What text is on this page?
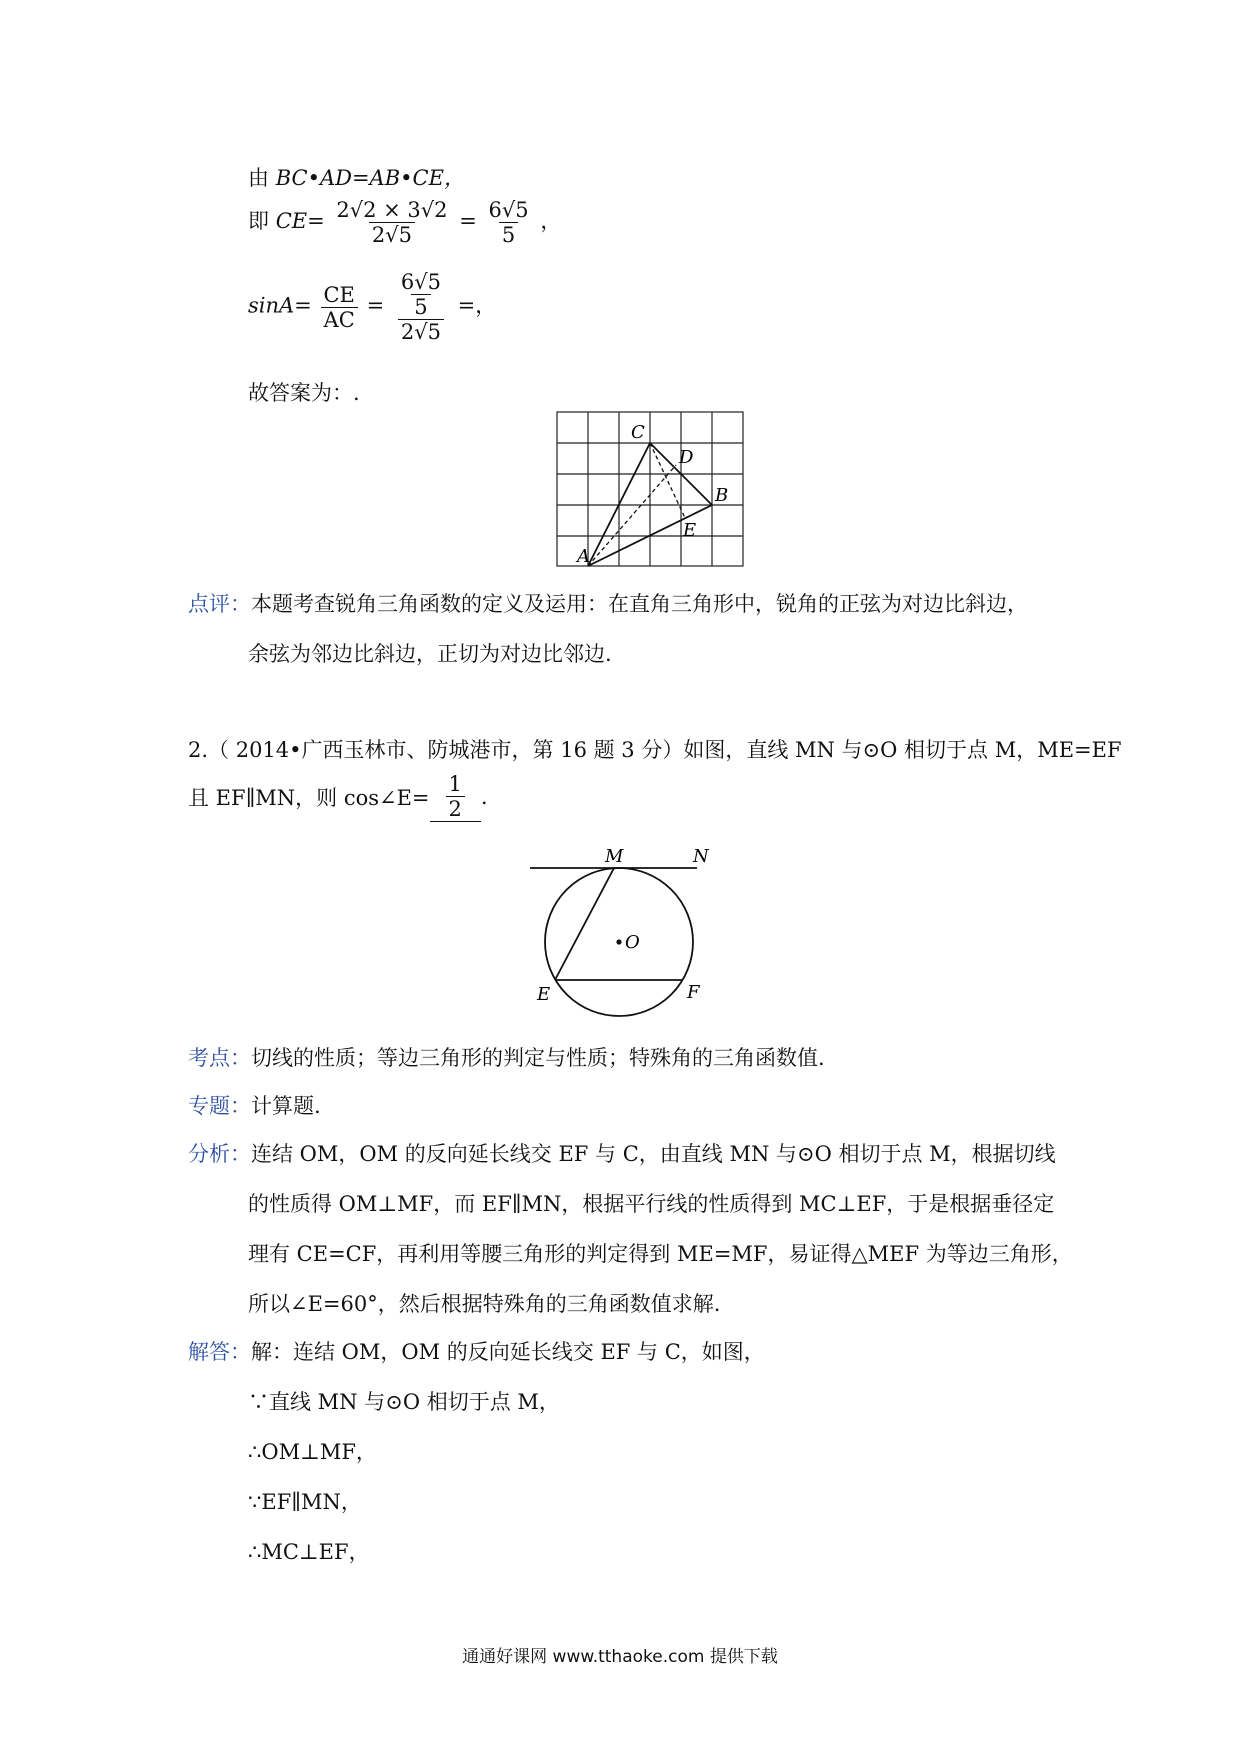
由 BC•AD=AB•CE，
即 $CE= \frac{2√2 \times 3√2}{2√5} = \frac{6√5}{5}$ ，
$\sin A= \frac{CE}{AC} = \frac{\frac{6√5}{5}}{2√5}$ =，
故答案为：.
A
B
C
D
E
点评：本题考查锐角三角函数的定义及运用：在直角三角形中，锐角的正弦为对边比斜边，
余弦为邻边比斜边，正切为对边比邻边.
2.（ 2014•广西玉林市、防城港市，第 16 题 3 分）如图，直线 MN 与⊙O 相切于点 M，ME=EF
且 EF∥MN，则 cos∠E= $\frac{1}{2}$ .
M	N
O
E	F
考点：切线的性质；等边三角形的判定与性质；特殊角的三角函数值.
专题：计算题.
分析：连结 OM，OM 的反向延长线交 EF 与 C，由直线 MN 与⊙O 相切于点 M，根据切线
的性质得 OM⊥MF，而 EF∥MN，根据平行线的性质得到 MC⊥EF，于是根据垂径定
理有 CE=CF，再利用等腰三角形的判定得到 ME=MF，易证得△MEF 为等边三角形，
所以∠E=60°，然后根据特殊角的三角函数值求解.
解答：解：连结 OM，OM 的反向延长线交 EF 与 C，如图，
∵直线 MN 与⊙O 相切于点 M，
∴OM⊥MF，
∵EF∥MN，
∴MC⊥EF，
通通好课网 www.tthaoke.com 提供下载
